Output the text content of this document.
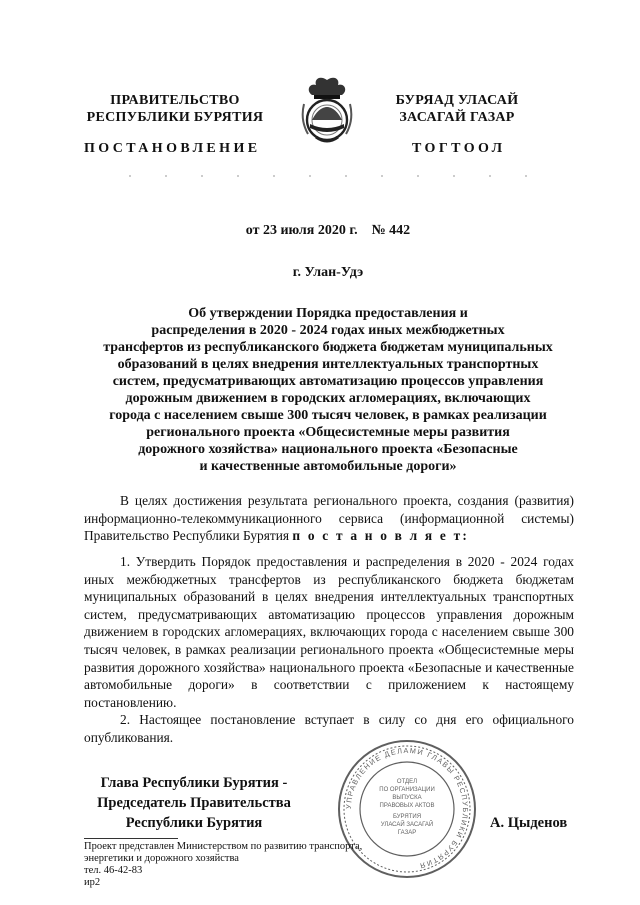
ПРАВИТЕЛЬСТВО
РЕСПУБЛИКИ БУРЯТИЯ
БУРЯАД УЛАСАЙ
ЗАСАГАЙ ГАЗАР
ПОСТАНОВЛЕНИЕ	ТОГТООЛ
от 23 июля 2020 г.    № 442
г. Улан-Удэ
Об утверждении Порядка предоставления и
распределения в 2020 - 2024 годах иных межбюджетных
трансфертов из республиканского бюджета бюджетам муниципальных
образований в целях внедрения интеллектуальных транспортных
систем, предусматривающих автоматизацию процессов управления
дорожным движением в городских агломерациях, включающих
города с населением свыше 300 тысяч человек, в рамках реализации
регионального проекта «Общесистемные меры развития
дорожного хозяйства» национального проекта «Безопасные
и качественные автомобильные дороги»
В целях достижения результата регионального проекта, создания (развития) информационно-телекоммуникационного сервиса (информационной системы) Правительство Республики Бурятия п о с т а н о в л я е т:
1. Утвердить Порядок предоставления и распределения в 2020 - 2024 годах иных межбюджетных трансфертов из республиканского бюджета бюджетам муниципальных образований в целях внедрения интеллектуальных транспортных систем, предусматривающих автоматизацию процессов управления дорожным движением в городских агломерациях, включающих города с населением свыше 300 тысяч человек, в рамках реализации регионального проекта «Общесистемные меры развития дорожного хозяйства» национального проекта «Безопасные и качественные автомобильные дороги» в соответствии с приложением к настоящему постановлению.
2. Настоящее постановление вступает в силу со дня его официального опубликования.
Глава Республики Бурятия -
Председатель Правительства
Республики Бурятия	А. Цыденов
УПРАВЛЕНИЕ ДЕЛАМИ ГЛАВЫ РЕСПУБЛИКИ БУРЯТИЯ
ОТДЕЛ
ПО ОРГАНИЗАЦИИ
ВЫПУСКА
ПРАВОВЫХ АКТОВ
БУРЯТИЯ
УЛАСАЙ ЗАСАГАЙ
ГАЗАР
Проект представлен Министерством по развитию транспорта,
энергетики и дорожного хозяйства
тел. 46-42-83
ир2
